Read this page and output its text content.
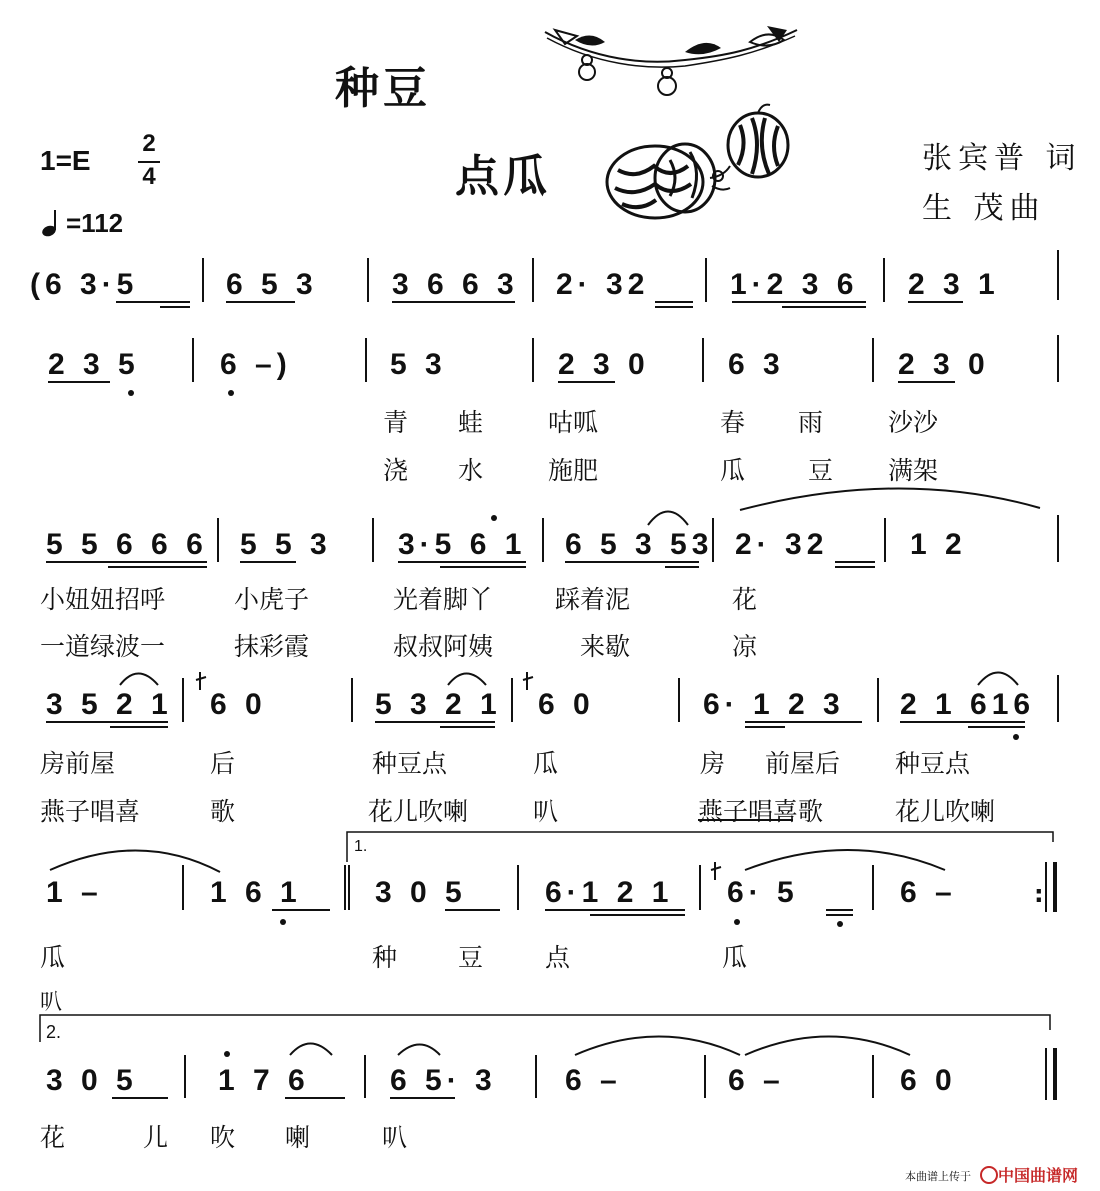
种豆
点瓜	张宾普 词
生 茂曲
1=E
2
4
=112
(6 3·5	6 5 3 3 6 6 3 2· 32	1·2 3 6 2 3 1
2 3 5	6 –)	5 3	2 3 0	6 3	2 3 0
青 蛙	咕呱	春 雨	沙沙
浇 水	施肥	瓜	豆 满架
5 5 6 6 6 5 5 3 3·5 6 1 6 5 3 53 2· 32	1 2
小妞妞招呼	小虎子	光着脚丫 踩着泥	花
一道绿波一	抹彩霞	叔叔阿姨	来歇	凉
3 5 2 1 6 0	5 3 2 1 6 0	6· 1 2 3 2 1 616
房前屋	后	种豆点	瓜	房 前屋后 种豆点
燕子唱喜	歌	花儿吹喇	叭	燕子唱喜歌	花儿吹喇
1.
1 –	1 6 1 3 0 5	6·1 2 1 6· 5	6 –	:
瓜	种 豆 点	瓜
叭
2.
3 0 5	1 7 6	6 5· 3 6 –	6 –	6 0
花	儿 吹 喇	叭
本曲谱上传于 中国曲谱网
